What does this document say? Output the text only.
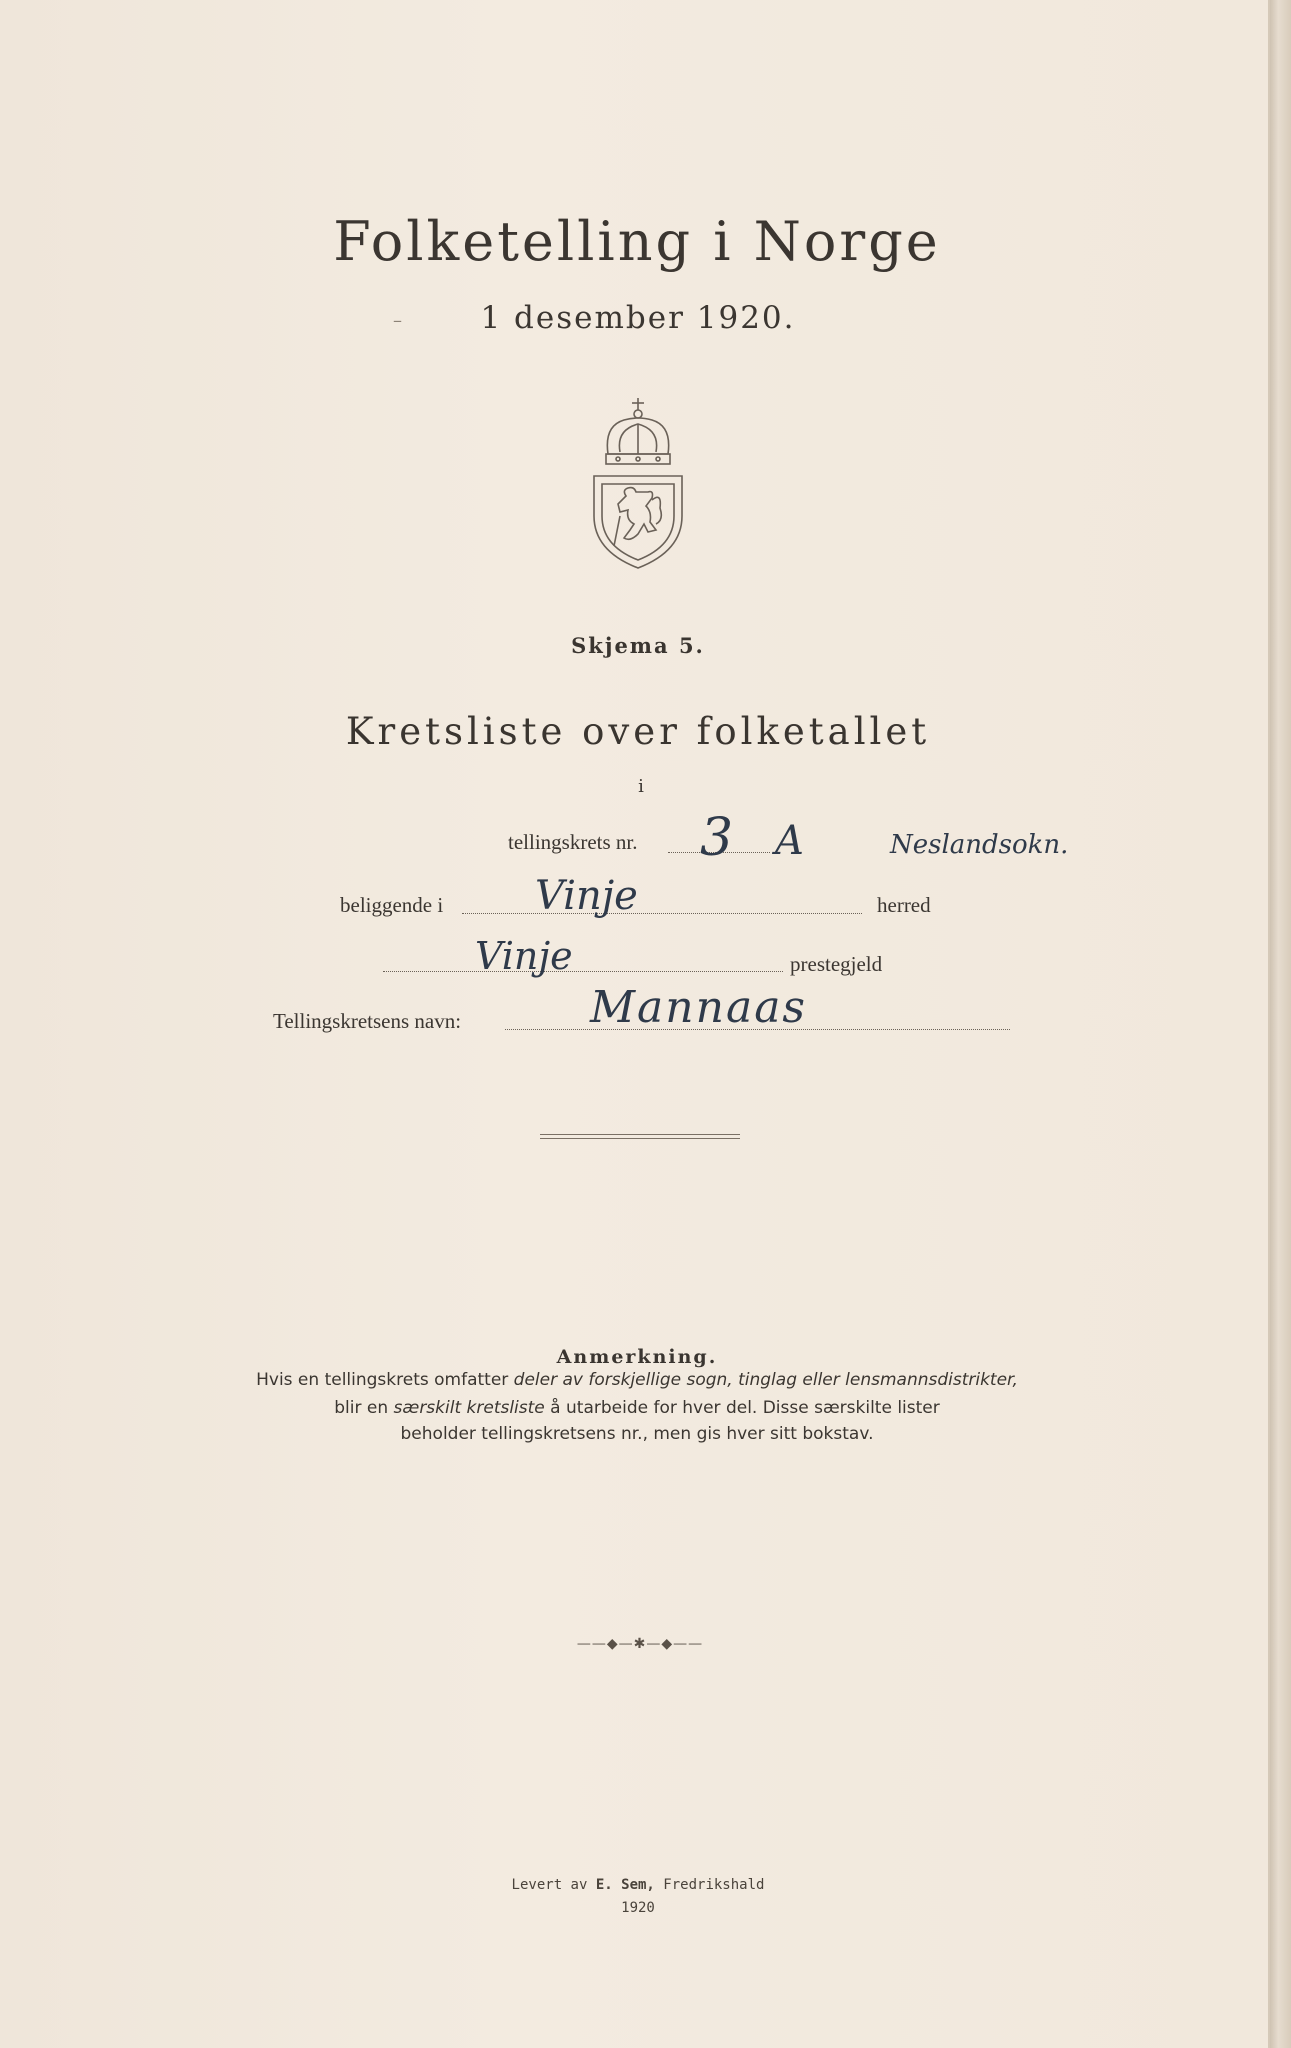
–
Folketelling i Norge
1 desember 1920.
Skjema 5.
Kretsliste over folketallet
i
tellingskrets nr. 3 A	Neslandsokn.
beliggende i Vinje	herred
Vinje	prestegjeld
Tellingskretsens navn:	Mannaas
Anmerkning.
Hvis en tellingskrets omfatter deler av forskjellige sogn, tinglag eller lensmannsdistrikter,
blir en særskilt kretsliste å utarbeide for hver del. Disse særskilte lister
beholder tellingskretsens nr., men gis hver sitt bokstav.
——◆—✱—◆——
Levert av E. Sem, Fredrikshald
1920
